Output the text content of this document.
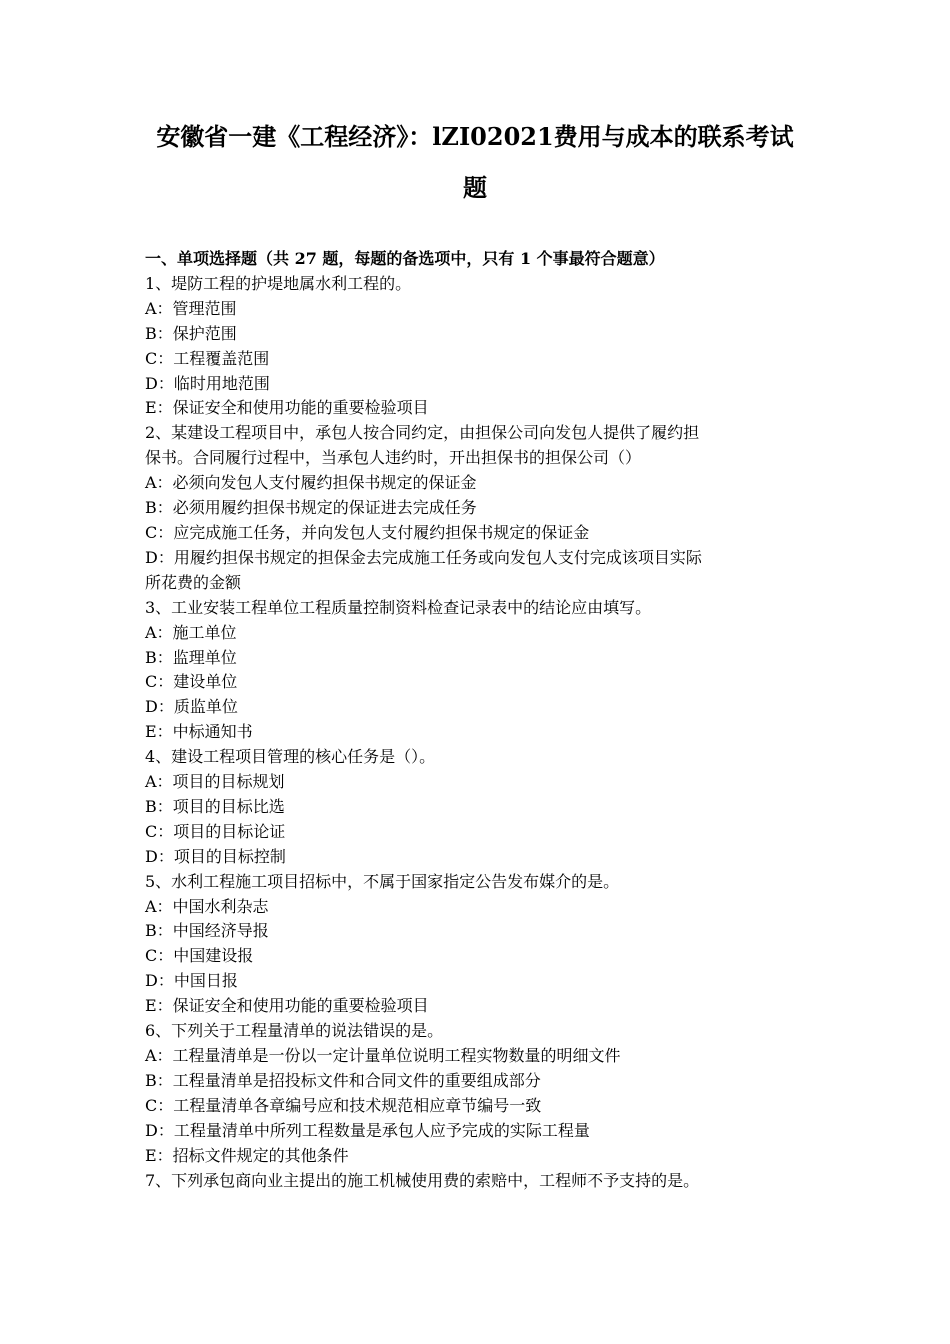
安徽省一建《工程经济》：lZI02021费用与成本的联系考试
题

一、单项选择题（共 27 题，每题的备选项中，只有 1 个事最符合题意）

1、堤防工程的护堤地属水利工程的。

A：管理范围

B：保护范围

C：工程覆盖范围

D：临时用地范围

E：保证安全和使用功能的重要检验项目

2、某建设工程项目中，承包人按合同约定，由担保公司向发包人提供了履约担

保书。合同履行过程中，当承包人违约时，开出担保书的担保公司（）

A：必须向发包人支付履约担保书规定的保证金

B：必须用履约担保书规定的保证进去完成任务

C：应完成施工任务，并向发包人支付履约担保书规定的保证金

D：用履约担保书规定的担保金去完成施工任务或向发包人支付完成该项目实际

所花费的金额

3、工业安装工程单位工程质量控制资料检查记录表中的结论应由填写。

A：施工单位

B：监理单位

C：建设单位

D：质监单位

E：中标通知书

4、建设工程项目管理的核心任务是（）。

A：项目的目标规划

B：项目的目标比选

C：项目的目标论证

D：项目的目标控制

5、水利工程施工项目招标中，不属于国家指定公告发布媒介的是。

A：中国水利杂志

B：中国经济导报

C：中国建设报

D：中国日报

E：保证安全和使用功能的重要检验项目

6、下列关于工程量清单的说法错误的是。

A：工程量清单是一份以一定计量单位说明工程实物数量的明细文件

B：工程量清单是招投标文件和合同文件的重要组成部分

C：工程量清单各章编号应和技术规范相应章节编号一致

D：工程量清单中所列工程数量是承包人应予完成的实际工程量

E：招标文件规定的其他条件

7、下列承包商向业主提出的施工机械使用费的索赔中，工程师不予支持的是。
